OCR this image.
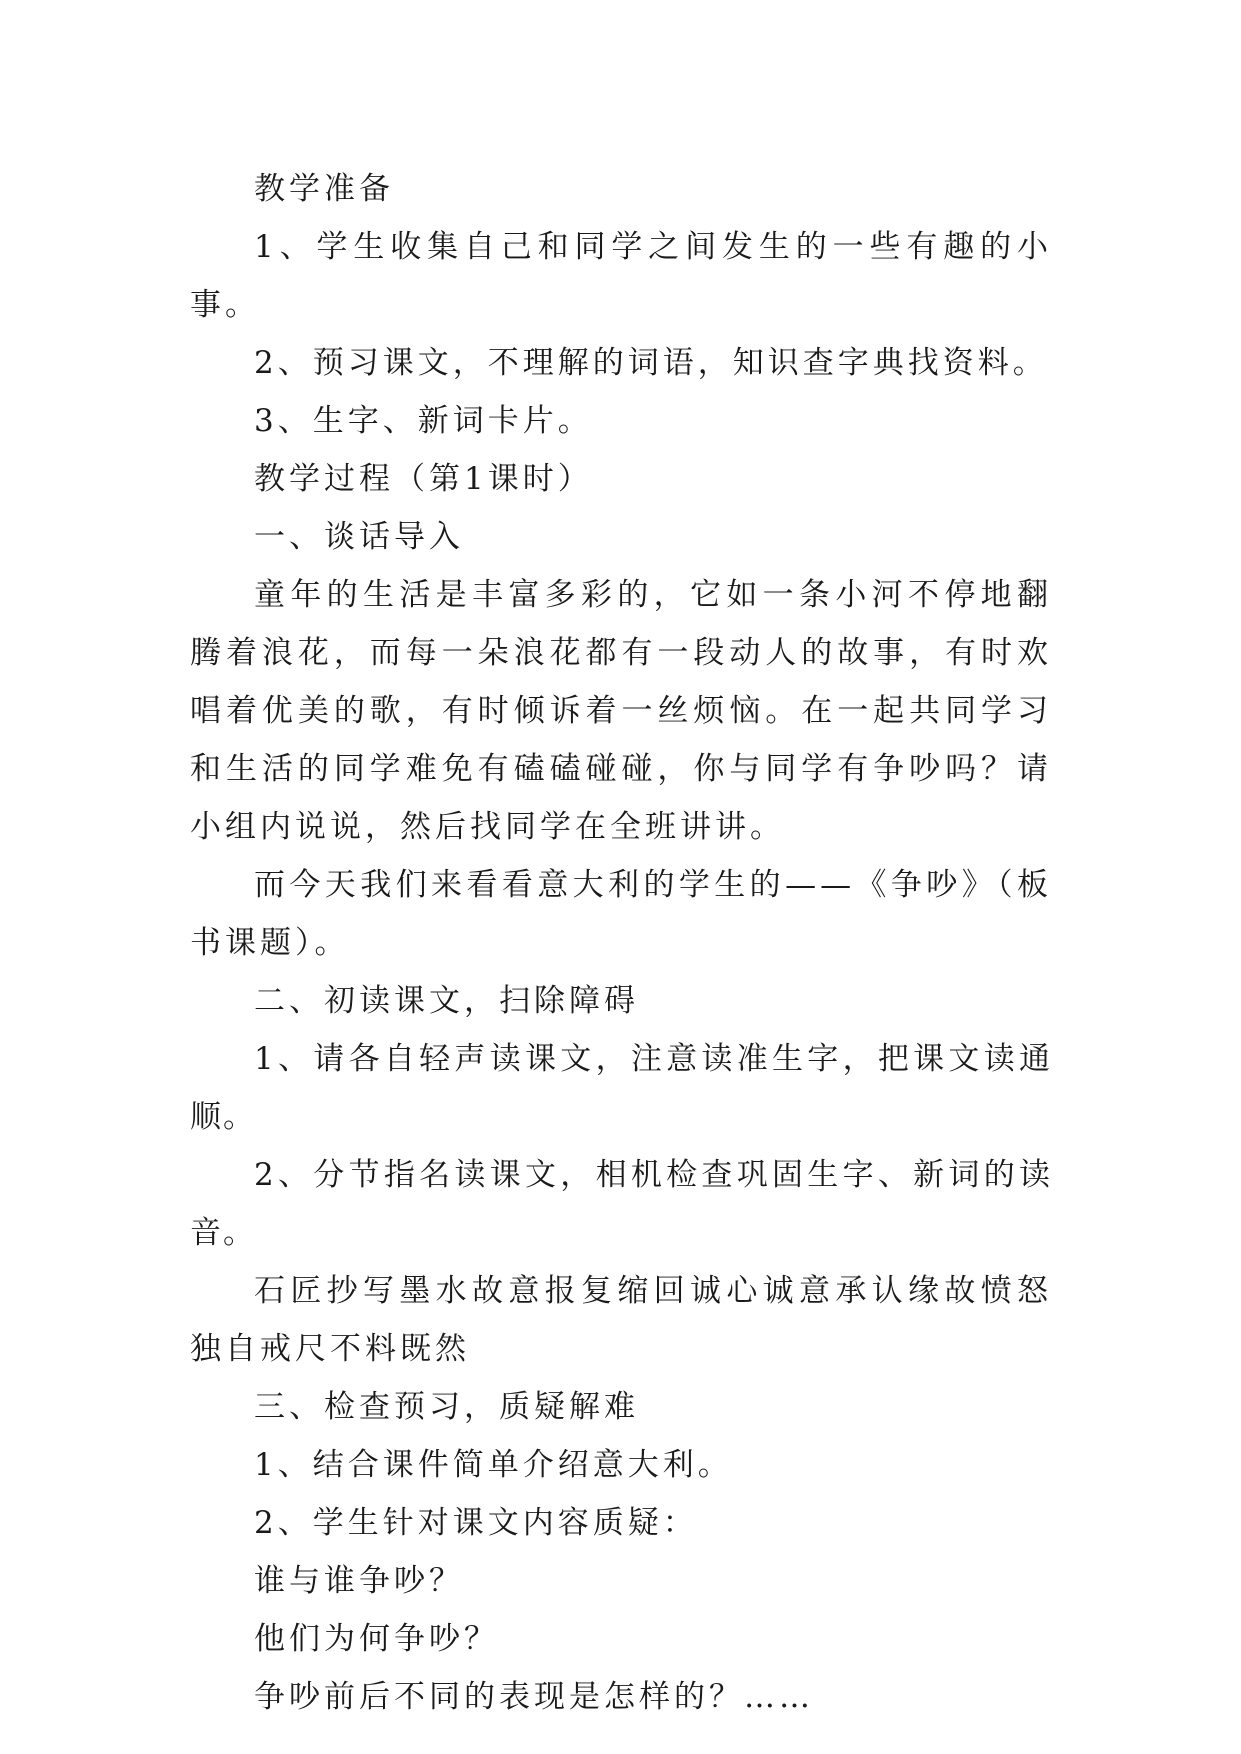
教学准备

1、学生收集自己和同学之间发生的一些有趣的小事。

2、预习课文，不理解的词语，知识查字典找资料。

3、生字、新词卡片。

教学过程（第1课时）

一、谈话导入

童年的生活是丰富多彩的，它如一条小河不停地翻腾着浪花，而每一朵浪花都有一段动人的故事，有时欢唱着优美的歌，有时倾诉着一丝烦恼。在一起共同学习和生活的同学难免有磕磕碰碰，你与同学有争吵吗？请小组内说说，然后找同学在全班讲讲。

而今天我们来看看意大利的学生的——《争吵》（板书课题）。

二、初读课文，扫除障碍

1、请各自轻声读课文，注意读准生字，把课文读通顺。

2、分节指名读课文，相机检查巩固生字、新词的读音。

石匠抄写墨水故意报复缩回诚心诚意承认缘故愤怒独自戒尺不料既然

三、检查预习，质疑解难

1、结合课件简单介绍意大利。

2、学生针对课文内容质疑：

谁与谁争吵？

他们为何争吵？

争吵前后不同的表现是怎样的？……
